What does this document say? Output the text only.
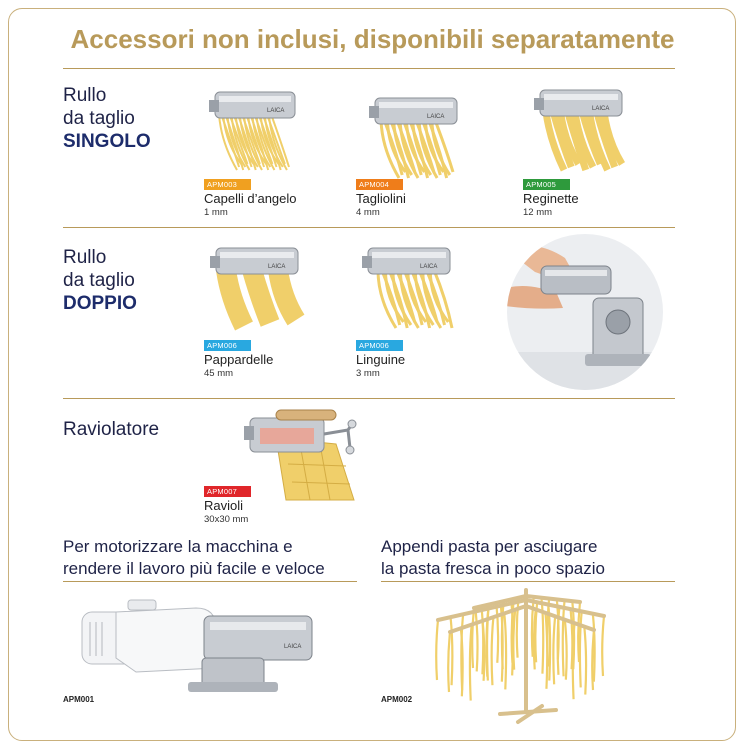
Accessori non inclusi, disponibili separatamente
Rullo
da taglio
SINGOLO
LAICA
LAICA
LAICA
APM003
Capelli d’angelo
1 mm
APM004
Tagliolini
4 mm
APM005
Reginette
12 mm
Rullo
da taglio
DOPPIO
LAICA	LAICA
APM006
Pappardelle
45 mm
APM006
Linguine
3 mm
Raviolatore
APM007
Ravioli
30x30 mm
Per motorizzare la macchina e
rendere il lavoro più facile e veloce
LAICA
APM001
Appendi pasta per asciugare
la pasta fresca in poco spazio
APM002
